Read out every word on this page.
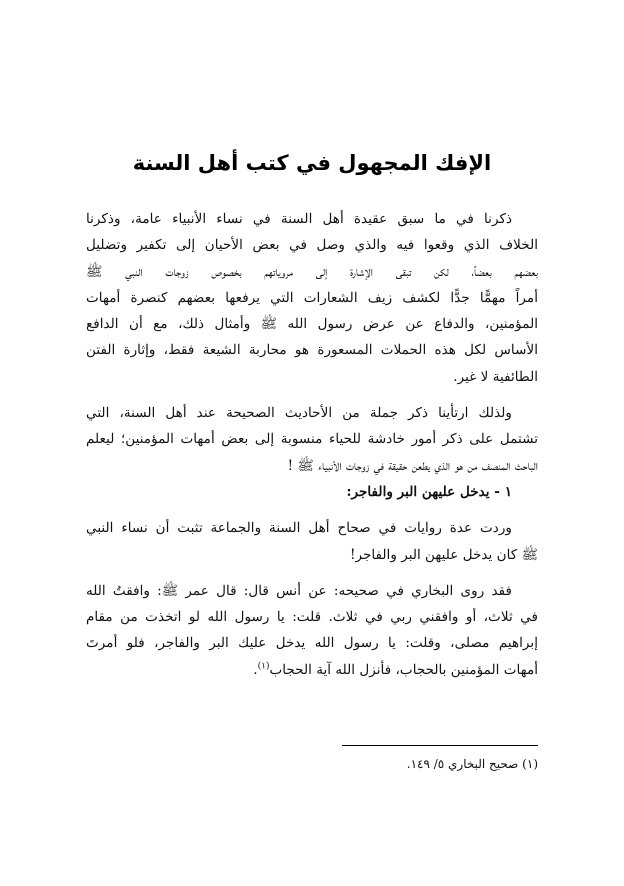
الإفك المجهول في كتب أهل السنة
ذكرنا في ما سبق عقيدة أهل السنة في نساء الأنبياء عامة، وذكرنا
الخلاف الذي وقعوا فيه والذي وصل في بعض الأحيان إلى تكفير وتضليل
بعضهم بعضاً، لكن تبقى الإشارة إلى مروياتهم بخصوص زوجات النبي ﷺ
أمراً مهمًّا جدًّا لكشف زيف الشعارات التي يرفعها بعضهم كنصرة أمهات
المؤمنين، والدفاع عن عرض رسول الله ﷺ وأمثال ذلك، مع أن الدافع
الأساس لكل هذه الحملات المسعورة هو محاربة الشيعة فقط، وإثارة الفتن
الطائفية لا غير.
ولذلك ارتأينا ذكر جملة من الأحاديث الصحيحة عند أهل السنة، التي
تشتمل على ذكر أمور خادشة للحياء منسوبة إلى بعض أمهات المؤمنين؛ ليعلم
الباحث المنصف من هو الذي يطعن حقيقة في زوجات الأنبياء ﷺ !
١ - يدخل عليهن البر والفاجر:
وردت عدة روايات في صحاح أهل السنة والجماعة تثبت أن نساء النبي
ﷺ كان يدخل عليهن البر والفاجر!
فقد روى البخاري في صحيحه: عن أنس قال: قال عمر ﷺ: وافقتُ الله
في ثلاث، أو وافقني ربي في ثلاث. قلت: يا رسول الله لو اتخذت من مقام
إبراهيم مصلى، وقلت: يا رسول الله يدخل عليك البر والفاجر، فلو أمرتَ
أمهات المؤمنين بالحجاب، فأنزل الله آية الحجاب$^{(١)}$.
(١) صحيح البخاري ٥/ ١٤٩.
